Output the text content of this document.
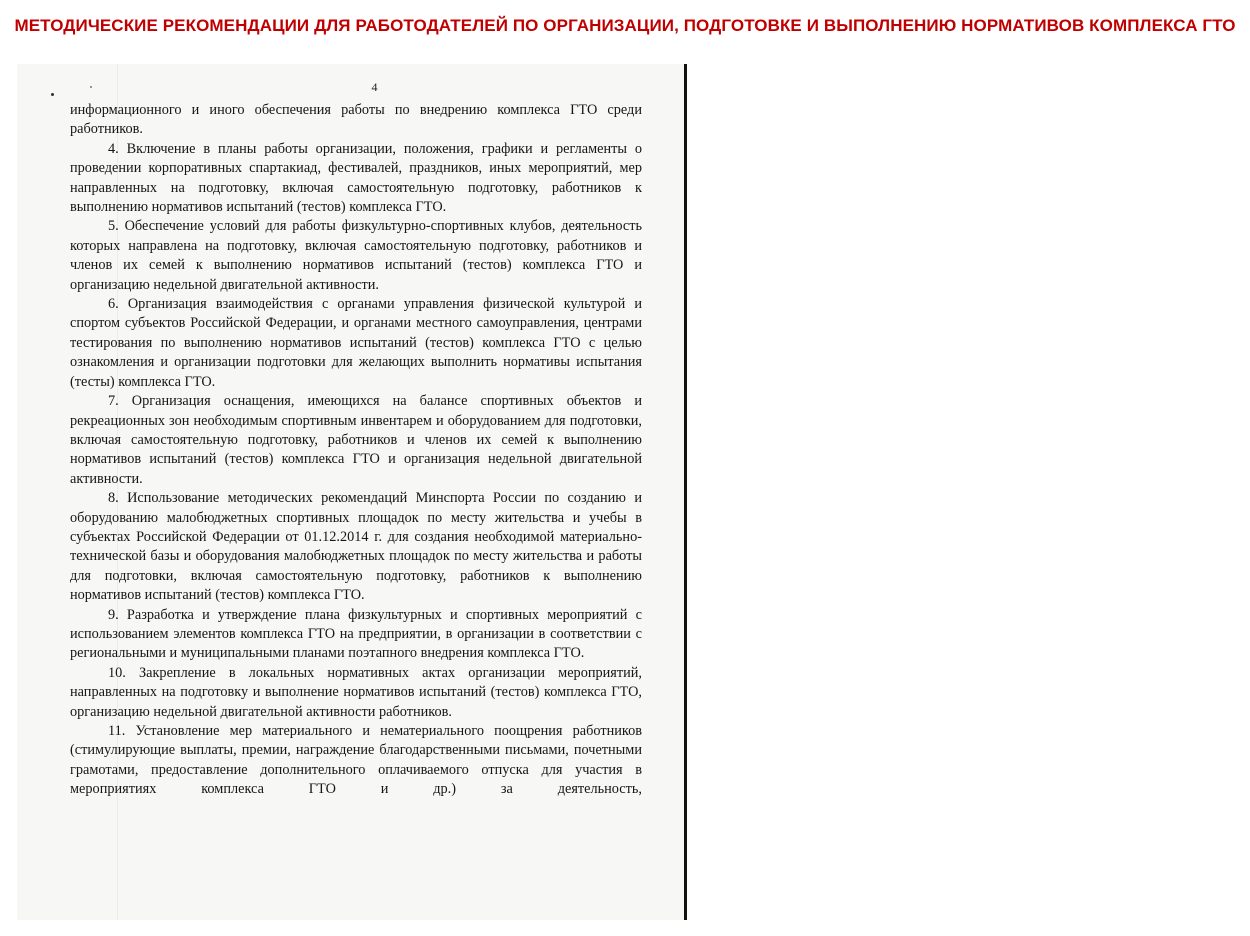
МЕТОДИЧЕСКИЕ РЕКОМЕНДАЦИИ ДЛЯ РАБОТОДАТЕЛЕЙ ПО ОРГАНИЗАЦИИ, ПОДГОТОВКЕ И ВЫПОЛНЕНИЮ НОРМАТИВОВ КОМПЛЕКСА ГТО
4

информационного и иного обеспечения работы по внедрению комплекса ГТО среди работников.

4. Включение в планы работы организации, положения, графики и регламенты о проведении корпоративных спартакиад, фестивалей, праздников, иных мероприятий, мер направленных на подготовку, включая самостоятельную подготовку, работников к выполнению нормативов испытаний (тестов) комплекса ГТО.

5. Обеспечение условий для работы физкультурно-спортивных клубов, деятельность которых направлена на подготовку, включая самостоятельную подготовку, работников и членов их семей к выполнению нормативов испытаний (тестов) комплекса ГТО и организацию недельной двигательной активности.

6. Организация взаимодействия с органами управления физической культурой и спортом субъектов Российской Федерации, и органами местного самоуправления, центрами тестирования по выполнению нормативов испытаний (тестов) комплекса ГТО с целью ознакомления и организации подготовки для желающих выполнить нормативы испытания (тесты) комплекса ГТО.

7. Организация оснащения, имеющихся на балансе спортивных объектов и рекреационных зон необходимым спортивным инвентарем и оборудованием для подготовки, включая самостоятельную подготовку, работников и членов их семей к выполнению нормативов испытаний (тестов) комплекса ГТО и организация недельной двигательной активности.

8. Использование методических рекомендаций Минспорта России по созданию и оборудованию малобюджетных спортивных площадок по месту жительства и учебы в субъектах Российской Федерации от 01.12.2014 г. для создания необходимой материально-технической базы и оборудования малобюджетных площадок по месту жительства и работы для подготовки, включая самостоятельную подготовку, работников к выполнению нормативов испытаний (тестов) комплекса ГТО.

9. Разработка и утверждение плана физкультурных и спортивных мероприятий с использованием элементов комплекса ГТО на предприятии, в организации в соответствии с региональными и муниципальными планами поэтапного внедрения комплекса ГТО.

10. Закрепление в локальных нормативных актах организации мероприятий, направленных на подготовку и выполнение нормативов испытаний (тестов) комплекса ГТО, организацию недельной двигательной активности работников.

11. Установление мер материального и нематериального поощрения работников (стимулирующие выплаты, премии, награждение благодарственными письмами, почетными грамотами, предоставление дополнительного оплачиваемого отпуска для участия в мероприятиях комплекса ГТО и др.) за деятельность,
